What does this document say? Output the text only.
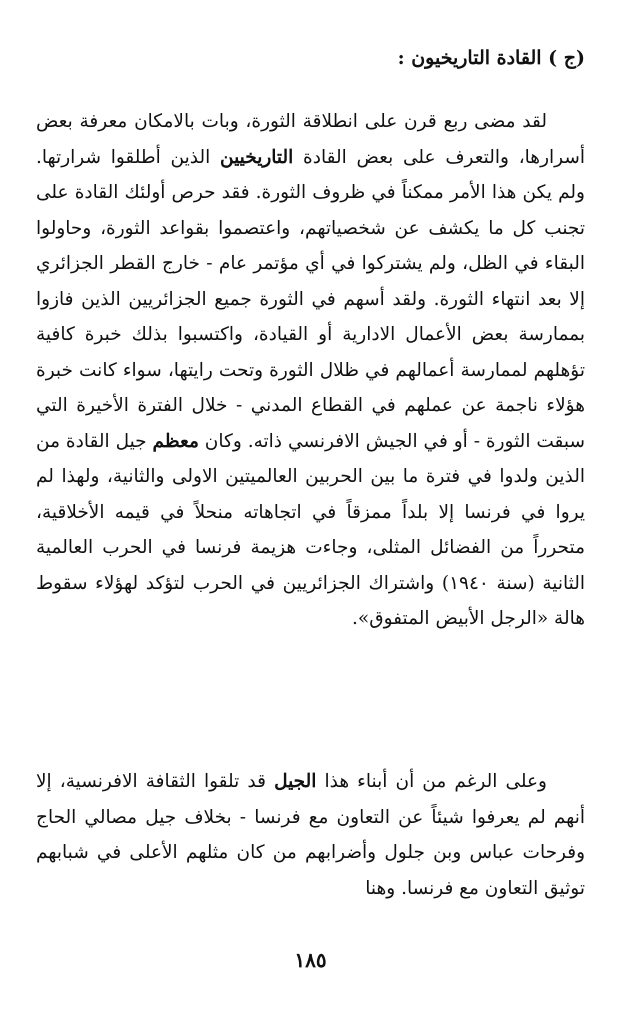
(ج ) القادة التاريخيون :

لقد مضى ربع قرن على انطلاقة الثورة، وبات بالامكان معرفة بعض أسرارها، والتعرف على بعض القادة التاريخيين الذين أطلقوا شرارتها. ولم يكن هذا الأمر ممكناً في ظروف الثورة. فقد حرص أولئك القادة على تجنب كل ما يكشف عن شخصياتهم، واعتصموا بقواعد الثورة، وحاولوا البقاء في الظل، ولم يشتركوا في أي مؤتمر عام - خارج القطر الجزائري إلا بعد انتهاء الثورة. ولقد أسهم في الثورة جميع الجزائريين الذين فازوا بممارسة بعض الأعمال الادارية أو القيادة، واكتسبوا بذلك خبرة كافية تؤهلهم لممارسة أعمالهم في ظلال الثورة وتحت رايتها، سواء كانت خبرة هؤلاء ناجمة عن عملهم في القطاع المدني - خلال الفترة الأخيرة التي سبقت الثورة - أو في الجيش الافرنسي ذاته. وكان معظم جيل القادة من الذين ولدوا في فترة ما بين الحربين العالميتين الاولى والثانية، ولهذا لم يروا في فرنسا إلا بلداً ممزقاً في اتجاهاته منحلاً في قيمه الأخلاقية، متحرراً من الفضائل المثلى، وجاءت هزيمة فرنسا في الحرب العالمية الثانية (سنة ١٩٤٠) واشتراك الجزائريين في الحرب لتؤكد لهؤلاء سقوط هالة «الرجل الأبيض المتفوق».

وعلى الرغم من أن أبناء هذا الجيل قد تلقوا الثقافة الافرنسية، إلا أنهم لم يعرفوا شيئاً عن التعاون مع فرنسا - بخلاف جيل مصالي الحاج وفرحات عباس وبن جلول وأضرابهم من كان مثلهم الأعلى في شبابهم توثيق التعاون مع فرنسا. وهنا

١٨٥
